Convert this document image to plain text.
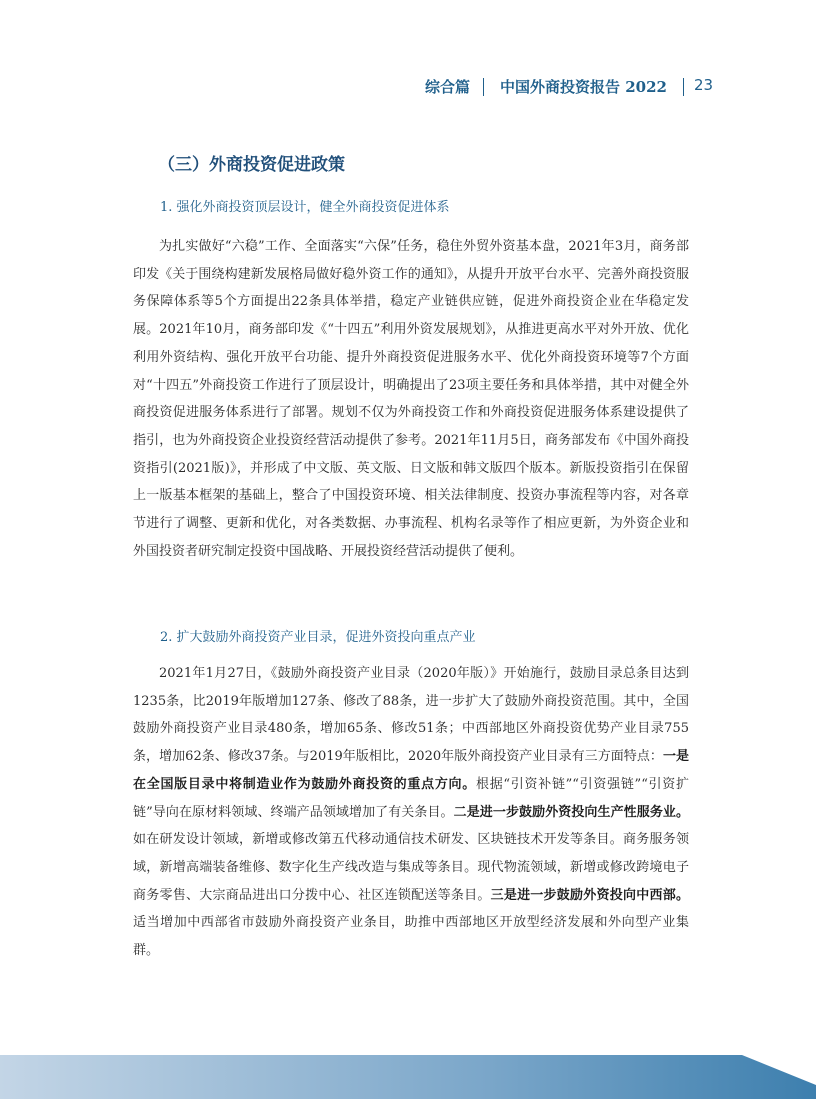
综合篇 中国外商投资报告 2022 23
（三）外商投资促进政策
1. 强化外商投资顶层设计，健全外商投资促进体系

为扎实做好“六稳”工作、全面落实“六保”任务，稳住外贸外资基本盘，2021年3月，商务部印发《关于围绕构建新发展格局做好稳外资工作的通知》，从提升开放平台水平、完善外商投资服务保障体系等5个方面提出22条具体举措，稳定产业链供应链，促进外商投资企业在华稳定发展。2021年10月，商务部印发《“十四五”利用外资发展规划》，从推进更高水平对外开放、优化利用外资结构、强化开放平台功能、提升外商投资促进服务水平、优化外商投资环境等7个方面对“十四五”外商投资工作进行了顶层设计，明确提出了23项主要任务和具体举措，其中对健全外商投资促进服务体系进行了部署。规划不仅为外商投资工作和外商投资促进服务体系建设提供了指引，也为外商投资企业投资经营活动提供了参考。2021年11月5日，商务部发布《中国外商投资指引(2021版)》，并形成了中文版、英文版、日文版和韩文版四个版本。新版投资指引在保留上一版基本框架的基础上，整合了中国投资环境、相关法律制度、投资办事流程等内容，对各章节进行了调整、更新和优化，对各类数据、办事流程、机构名录等作了相应更新，为外资企业和外国投资者研究制定投资中国战略、开展投资经营活动提供了便利。

2. 扩大鼓励外商投资产业目录，促进外资投向重点产业

2021年1月27日，《鼓励外商投资产业目录（2020年版）》开始施行，鼓励目录总条目达到1235条，比2019年版增加127条、修改了88条，进一步扩大了鼓励外商投资范围。其中，全国鼓励外商投资产业目录480条，增加65条、修改51条；中西部地区外商投资优势产业目录755条，增加62条、修改37条。与2019年版相比，2020年版外商投资产业目录有三方面特点：一是在全国版目录中将制造业作为鼓励外商投资的重点方向。根据“引资补链”“引资强链”“引资扩链”导向在原材料领域、终端产品领域增加了有关条目。二是进一步鼓励外资投向生产性服务业。如在研发设计领域，新增或修改第五代移动通信技术研发、区块链技术开发等条目。商务服务领域，新增高端装备维修、数字化生产线改造与集成等条目。现代物流领域，新增或修改跨境电子商务零售、大宗商品进出口分拨中心、社区连锁配送等条目。三是进一步鼓励外资投向中西部。适当增加中西部省市鼓励外商投资产业条目，助推中西部地区开放型经济发展和外向型产业集群。
